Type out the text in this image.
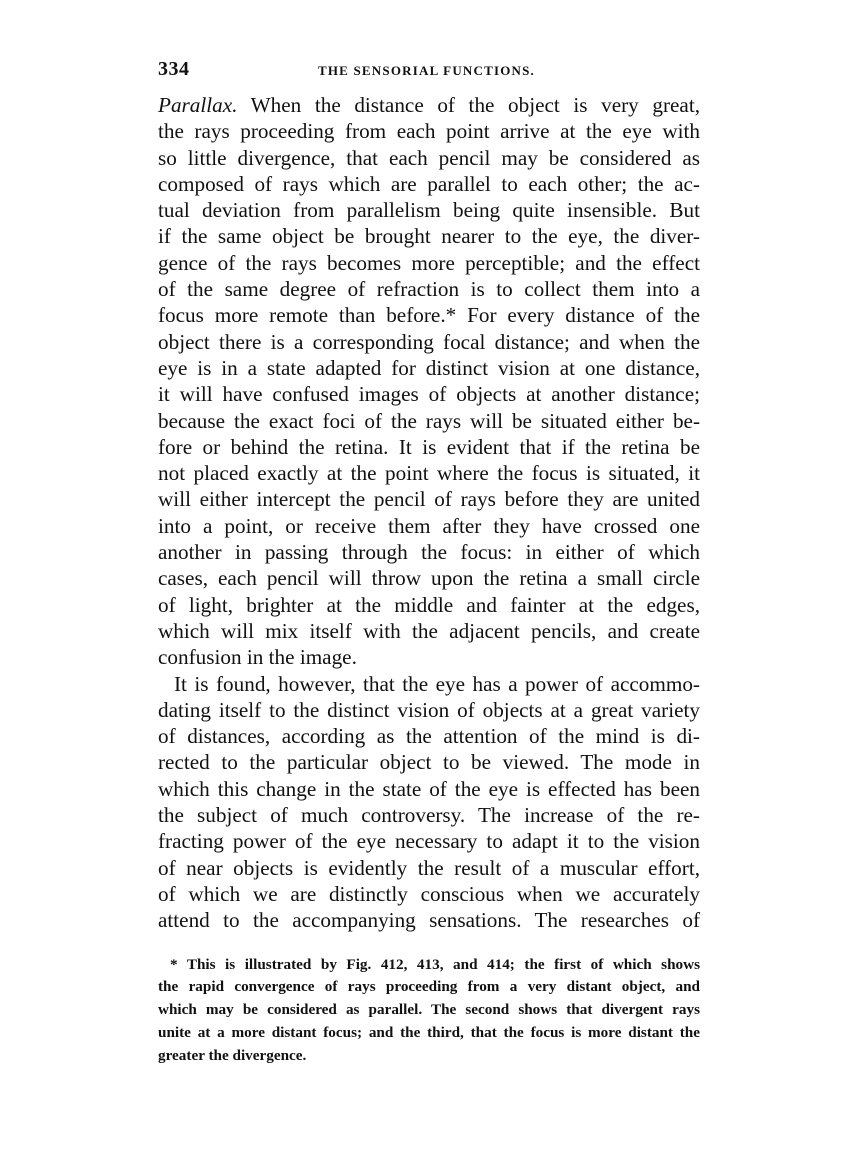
334	THE SENSORIAL FUNCTIONS.
Parallax. When the distance of the object is very great,
the rays proceeding from each point arrive at the eye with
so little divergence, that each pencil may be considered as
composed of rays which are parallel to each other; the ac-
tual deviation from parallelism being quite insensible. But
if the same object be brought nearer to the eye, the diver-
gence of the rays becomes more perceptible; and the effect
of the same degree of refraction is to collect them into a
focus more remote than before.* For every distance of the
object there is a corresponding focal distance; and when the
eye is in a state adapted for distinct vision at one distance,
it will have confused images of objects at another distance;
because the exact foci of the rays will be situated either be-
fore or behind the retina. It is evident that if the retina be
not placed exactly at the point where the focus is situated, it
will either intercept the pencil of rays before they are united
into a point, or receive them after they have crossed one
another in passing through the focus: in either of which
cases, each pencil will throw upon the retina a small circle
of light, brighter at the middle and fainter at the edges,
which will mix itself with the adjacent pencils, and create
confusion in the image.
It is found, however, that the eye has a power of accommo-
dating itself to the distinct vision of objects at a great variety
of distances, according as the attention of the mind is di-
rected to the particular object to be viewed. The mode in
which this change in the state of the eye is effected has been
the subject of much controversy. The increase of the re-
fracting power of the eye necessary to adapt it to the vision
of near objects is evidently the result of a muscular effort,
of which we are distinctly conscious when we accurately
attend to the accompanying sensations. The researches of
* This is illustrated by Fig. 412, 413, and 414; the first of which shows
the rapid convergence of rays proceeding from a very distant object, and
which may be considered as parallel. The second shows that divergent rays
unite at a more distant focus; and the third, that the focus is more distant the
greater the divergence.
